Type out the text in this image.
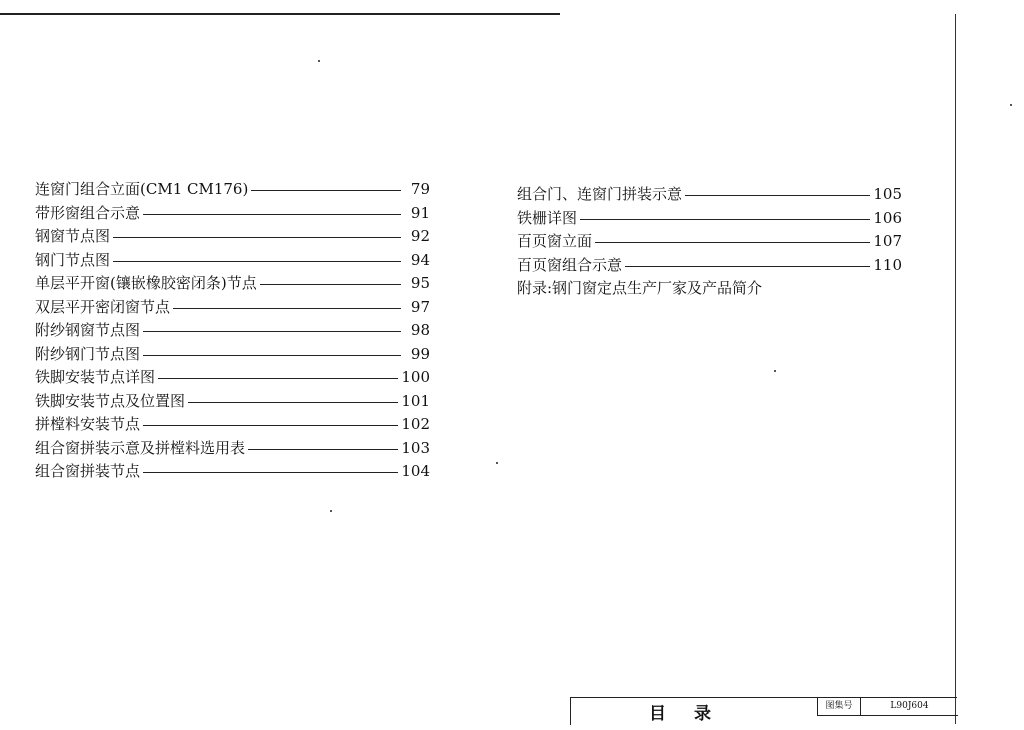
连窗门组合立面(CM1 CM176)	79
带形窗组合示意	91
钢窗节点图	92
钢门节点图	94
单层平开窗(镶嵌橡胶密闭条)节点	95
双层平开密闭窗节点	97
附纱钢窗节点图	98
附纱钢门节点图	99
铁脚安装节点详图	100
铁脚安装节点及位置图	101
拼樘料安装节点	102
组合窗拼装示意及拼樘料选用表	103
组合窗拼装节点	104
组合门、连窗门拼装示意	105
铁栅详图	106
百页窗立面	107
百页窗组合示意	110
附录:钢门窗定点生产厂家及产品简介
目录	图集号	L90J604
